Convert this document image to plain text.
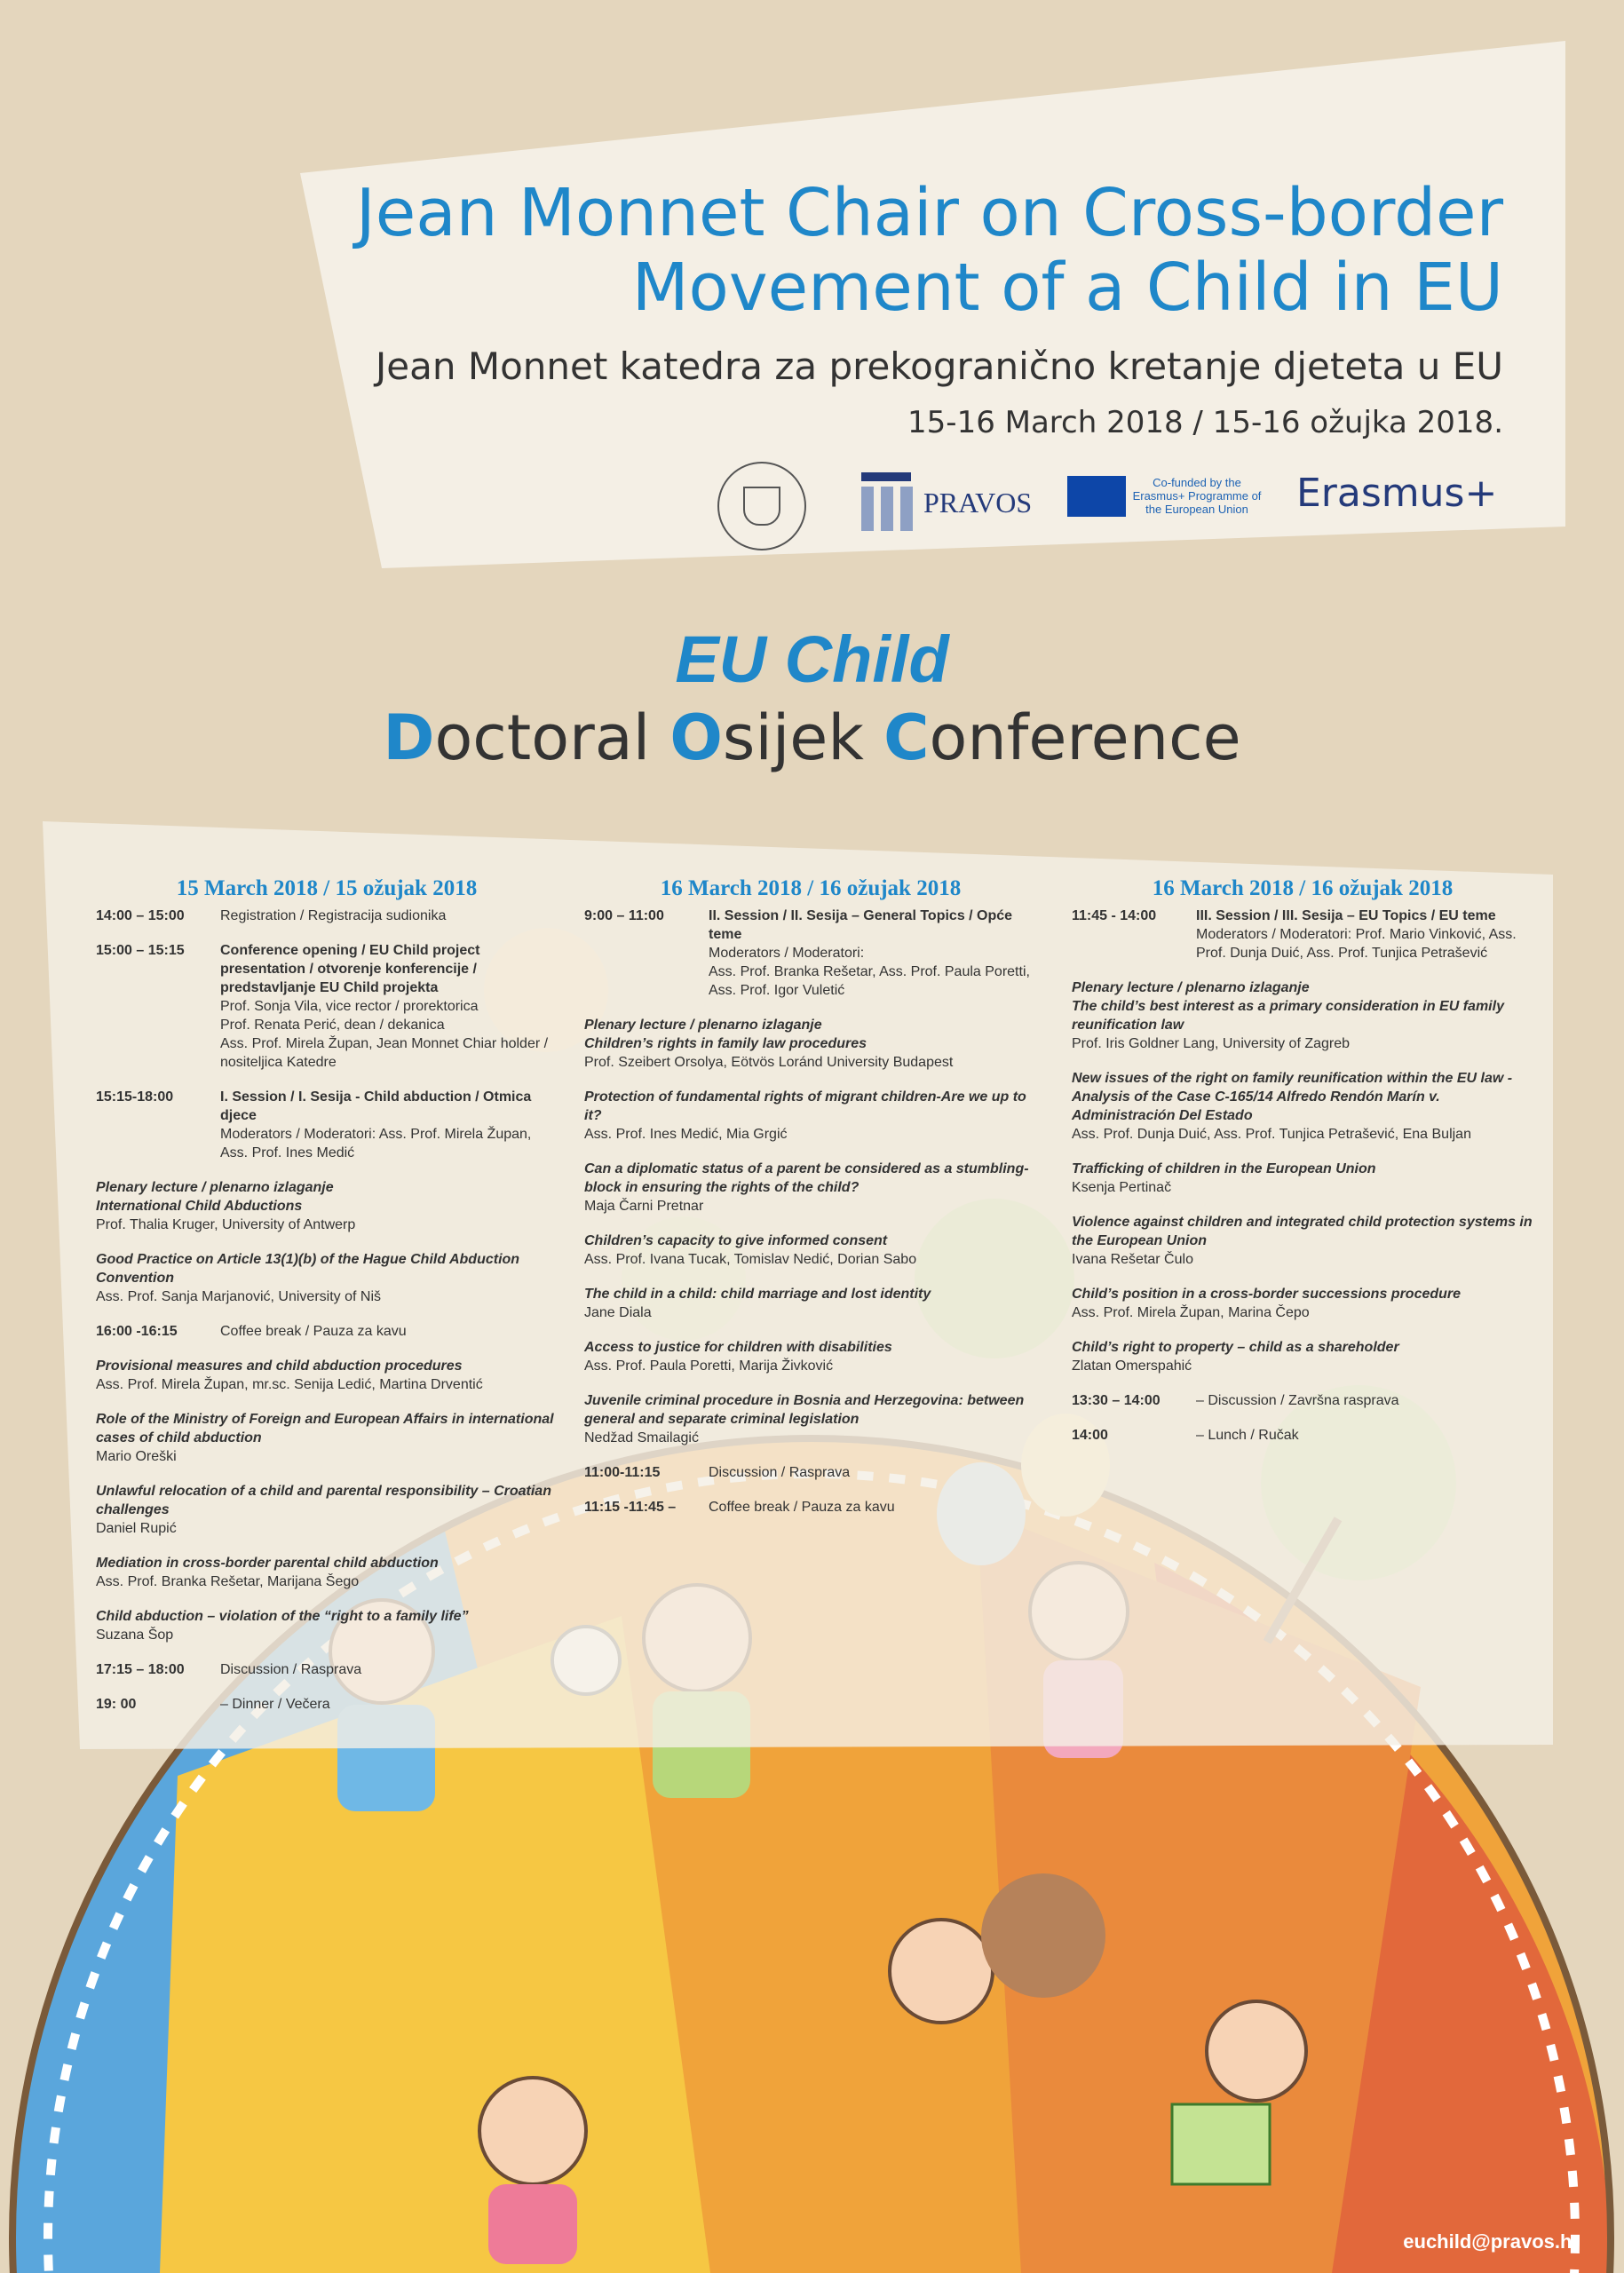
Jean Monnet Chair on Cross-border
Movement of a Child in EU
Jean Monnet katedra za prekogranično kretanje djeteta u EU
15-16 March 2018 / 15-16 ožujka 2018.
PRAVOS
Co-funded by the Erasmus+ Programme of the European Union	Erasmus+
EU Child
Doctoral Osijek Conference
15 March 2018 / 15 ožujak 2018
14:00 – 15:00	Registration / Registracija sudionika
15:00 – 15:15	Conference opening / EU Child project presentation / otvorenje konferencije / predstavljanje EU Child projekta
Prof. Sonja Vila, vice rector / prorektorica
Prof. Renata Perić, dean / dekanica
Ass. Prof. Mirela Župan, Jean Monnet Chiar holder / nositeljica Katedre
15:15-18:00	I. Session / I. Sesija - Child abduction / Otmica djece
Moderators / Moderatori: Ass. Prof. Mirela Župan, Ass. Prof. Ines Medić
Plenary lecture / plenarno izlaganje
International Child Abductions
Prof. Thalia Kruger, University of Antwerp
Good Practice on Article 13(1)(b) of the Hague Child Abduction Convention
Ass. Prof. Sanja Marjanović, University of Niš
16:00 -16:15	Coffee break / Pauza za kavu
Provisional measures and child abduction procedures
Ass. Prof. Mirela Župan, mr.sc. Senija Ledić, Martina Drventić
Role of the Ministry of Foreign and European Affairs in international cases of child abduction
Mario Oreški
Unlawful relocation of a child and parental responsibility – Croatian challenges
Daniel Rupić
Mediation in cross-border parental child abduction
Ass. Prof. Branka Rešetar, Marijana Šego
Child abduction – violation of the “right to a family life”
Suzana Šop
17:15 – 18:00	Discussion / Rasprava
19: 00	– Dinner / Večera
16 March 2018 / 16 ožujak 2018
9:00 – 11:00	II. Session / II. Sesija – General Topics / Opće teme
Moderators / Moderatori:
Ass. Prof. Branka Rešetar, Ass. Prof. Paula Poretti, Ass. Prof. Igor Vuletić
Plenary lecture / plenarno izlaganje
Children’s rights in family law procedures
Prof. Szeibert Orsolya, Eötvös Loránd University Budapest
Protection of fundamental rights of migrant children-Are we up to it?
Ass. Prof. Ines Medić, Mia Grgić
Can a diplomatic status of a parent be considered as a stumbling-block in ensuring the rights of the child?
Maja Čarni Pretnar
Children’s capacity to give informed consent
Ass. Prof. Ivana Tucak, Tomislav Nedić, Dorian Sabo
The child in a child: child marriage and lost identity
Jane Diala
Access to justice for children with disabilities
Ass. Prof. Paula Poretti, Marija Živković
Juvenile criminal procedure in Bosnia and Herzegovina: between general and separate criminal legislation
Nedžad Smailagić
11:00-11:15	Discussion / Rasprava
11:15 -11:45 –	Coffee break / Pauza za kavu
16 March 2018 / 16 ožujak 2018
11:45 - 14:00	III. Session / III. Sesija – EU Topics / EU teme
Moderators / Moderatori: Prof. Mario Vinković, Ass. Prof. Dunja Duić, Ass. Prof. Tunjica Petrašević
Plenary lecture / plenarno izlaganje
The child’s best interest as a primary consideration in EU family reunification law
Prof. Iris Goldner Lang, University of Zagreb
New issues of the right on family reunification within the EU law - Analysis of the Case C-165/14 Alfredo Rendón Marín v. Administración Del Estado
Ass. Prof. Dunja Duić, Ass. Prof. Tunjica Petrašević, Ena Buljan
Trafficking of children in the European Union
Ksenja Pertinač
Violence against children and integrated child protection systems in the European Union
Ivana Rešetar Čulo
Child’s position in a cross-border successions procedure
Ass. Prof. Mirela Župan, Marina Čepo
Child’s right to property – child as a shareholder
Zlatan Omerspahić
13:30 – 14:00	– Discussion / Završna rasprava
14:00	– Lunch / Ručak
euchild@pravos.hr
